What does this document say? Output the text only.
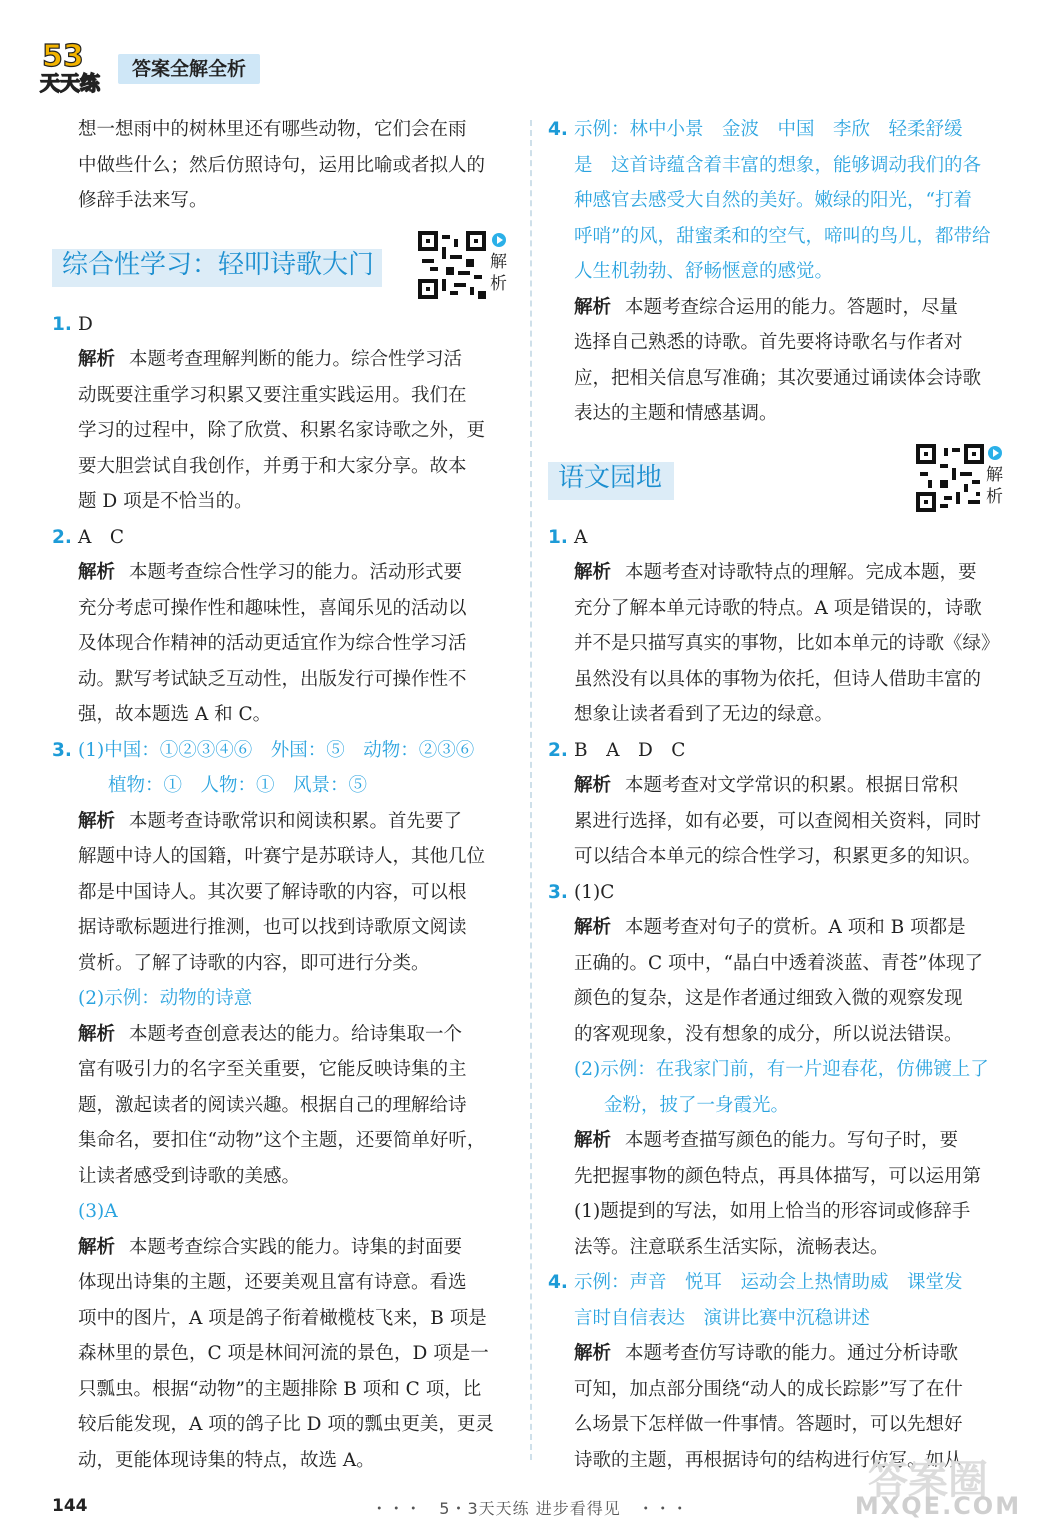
53
天天练
答案全解全析

想一想雨中的树林里还有哪些动物，它们会在雨

中做些什么；然后仿照诗句，运用比喻或者拟人的

修辞手法来写。

综合性学习：轻叩诗歌大门	解析

1. D

解析 本题考查理解判断的能力。综合性学习活

动既要注重学习积累又要注重实践运用。我们在

学习的过程中，除了欣赏、积累名家诗歌之外，更

要大胆尝试自我创作，并勇于和大家分享。故本

题 D 项是不恰当的。

2. A　C

解析 本题考查综合性学习的能力。活动形式要

充分考虑可操作性和趣味性，喜闻乐见的活动以

及体现合作精神的活动更适宜作为综合性学习活

动。默写考试缺乏互动性，出版发行可操作性不

强，故本题选 A 和 C。

3. (1)中国：①②③④⑥　外国：⑤　动物：②③⑥

植物：①　人物：①　风景：⑤

解析 本题考查诗歌常识和阅读积累。首先要了

解题中诗人的国籍，叶赛宁是苏联诗人，其他几位

都是中国诗人。其次要了解诗歌的内容，可以根

据诗歌标题进行推测，也可以找到诗歌原文阅读

赏析。了解了诗歌的内容，即可进行分类。

(2)示例：动物的诗意

解析 本题考查创意表达的能力。给诗集取一个

富有吸引力的名字至关重要，它能反映诗集的主

题，激起读者的阅读兴趣。根据自己的理解给诗

集命名，要扣住“动物”这个主题，还要简单好听，

让读者感受到诗歌的美感。

(3)A

解析 本题考查综合实践的能力。诗集的封面要

体现出诗集的主题，还要美观且富有诗意。看选

项中的图片，A 项是鸽子衔着橄榄枝飞来，B 项是

森林里的景色，C 项是林间河流的景色，D 项是一

只瓢虫。根据“动物”的主题排除 B 项和 C 项，比

较后能发现，A 项的鸽子比 D 项的瓢虫更美，更灵

动，更能体现诗集的特点，故选 A。

4. 示例：林中小景　金波　中国　李欣　轻柔舒缓

是　这首诗蕴含着丰富的想象，能够调动我们的各

种感官去感受大自然的美好。嫩绿的阳光，“打着

呼哨”的风，甜蜜柔和的空气，啼叫的鸟儿，都带给

人生机勃勃、舒畅惬意的感觉。

解析 本题考查综合运用的能力。答题时，尽量

选择自己熟悉的诗歌。首先要将诗歌名与作者对

应，把相关信息写准确；其次要通过诵读体会诗歌

表达的主题和情感基调。

语文园地	解析

1. A

解析 本题考查对诗歌特点的理解。完成本题，要

充分了解本单元诗歌的特点。A 项是错误的，诗歌

并不是只描写真实的事物，比如本单元的诗歌《绿》

虽然没有以具体的事物为依托，但诗人借助丰富的

想象让读者看到了无边的绿意。

2. B　A　D　C

解析 本题考查对文学常识的积累。根据日常积

累进行选择，如有必要，可以查阅相关资料，同时

可以结合本单元的综合性学习，积累更多的知识。

3. (1)C

解析 本题考查对句子的赏析。A 项和 B 项都是

正确的。C 项中，“晶白中透着淡蓝、青苍”体现了

颜色的复杂，这是作者通过细致入微的观察发现

的客观现象，没有想象的成分，所以说法错误。

(2)示例：在我家门前，有一片迎春花，仿佛镀上了

金粉，披了一身霞光。

解析 本题考查描写颜色的能力。写句子时，要

先把握事物的颜色特点，再具体描写，可以运用第

(1)题提到的写法，如用上恰当的形容词或修辞手

法等。注意联系生活实际，流畅表达。

4. 示例：声音　悦耳　运动会上热情助威　课堂发

言时自信表达　演讲比赛中沉稳讲述

解析 本题考查仿写诗歌的能力。通过分析诗歌

可知，加点部分围绕“动人的成长踪影”写了在什

么场景下怎样做一件事情。答题时，可以先想好

诗歌的主题，再根据诗句的结构进行仿写。如从

144	・・・　5・3天天练 进步看得见　・・・
答案圈
MXQE.COM
